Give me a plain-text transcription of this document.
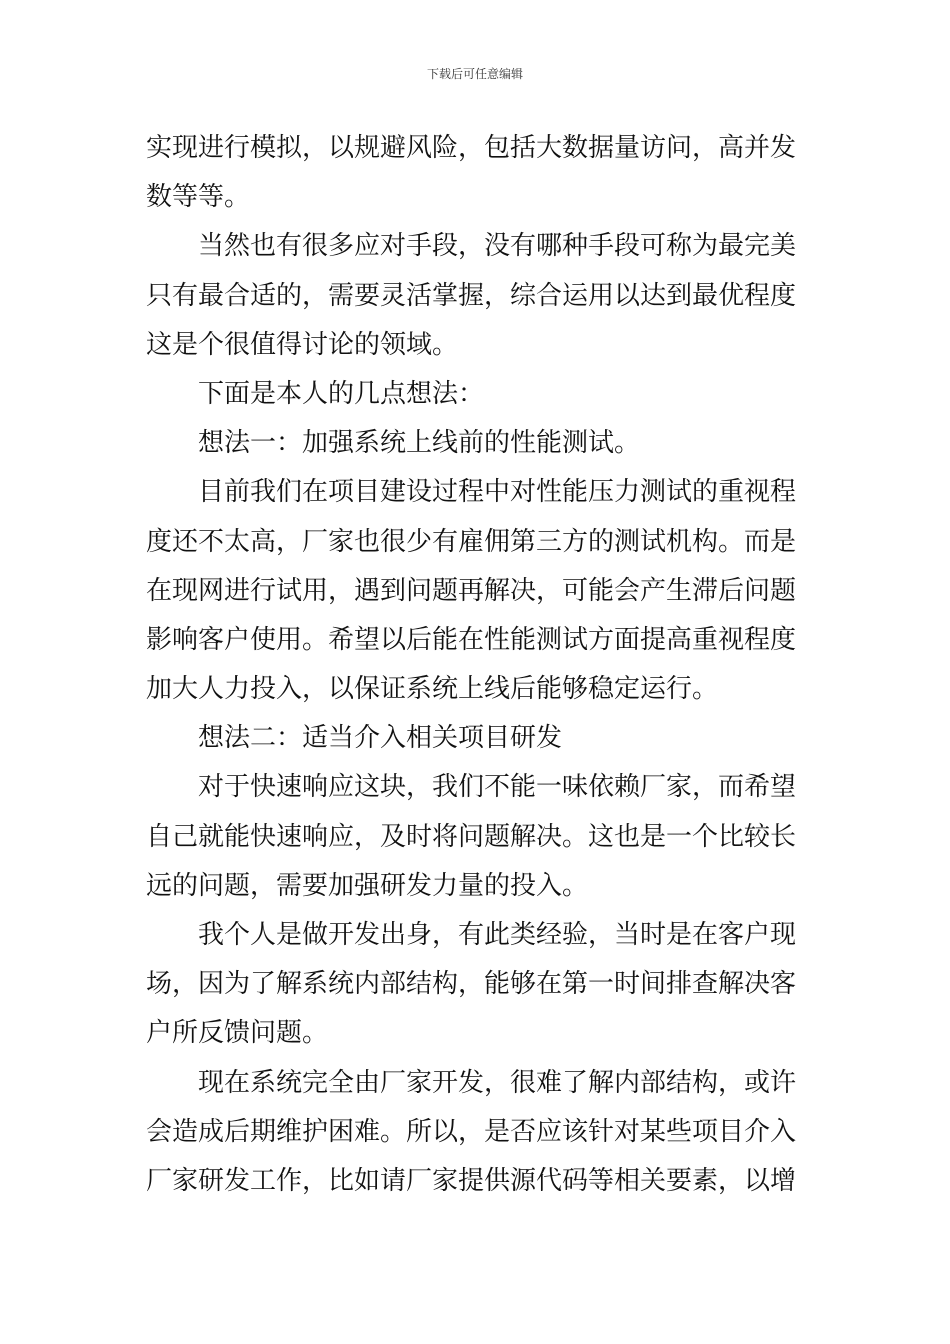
下载后可任意编辑
实现进行模拟，以规避风险，包括大数据量访问，高并发
数等等。
当然也有很多应对手段，没有哪种手段可称为最完美
只有最合适的，需要灵活掌握，综合运用以达到最优程度
这是个很值得讨论的领域。
下面是本人的几点想法：
想法一：加强系统上线前的性能测试。
目前我们在项目建设过程中对性能压力测试的重视程
度还不太高，厂家也很少有雇佣第三方的测试机构。而是
在现网进行试用，遇到问题再解决，可能会产生滞后问题
影响客户使用。希望以后能在性能测试方面提高重视程度
加大人力投入，以保证系统上线后能够稳定运行。
想法二：适当介入相关项目研发
对于快速响应这块，我们不能一味依赖厂家，而希望
自己就能快速响应，及时将问题解决。这也是一个比较长
远的问题，需要加强研发力量的投入。
我个人是做开发出身，有此类经验，当时是在客户现
场，因为了解系统内部结构，能够在第一时间排查解决客
户所反馈问题。
现在系统完全由厂家开发，很难了解内部结构，或许
会造成后期维护困难。所以，是否应该针对某些项目介入
厂家研发工作，比如请厂家提供源代码等相关要素，以增
